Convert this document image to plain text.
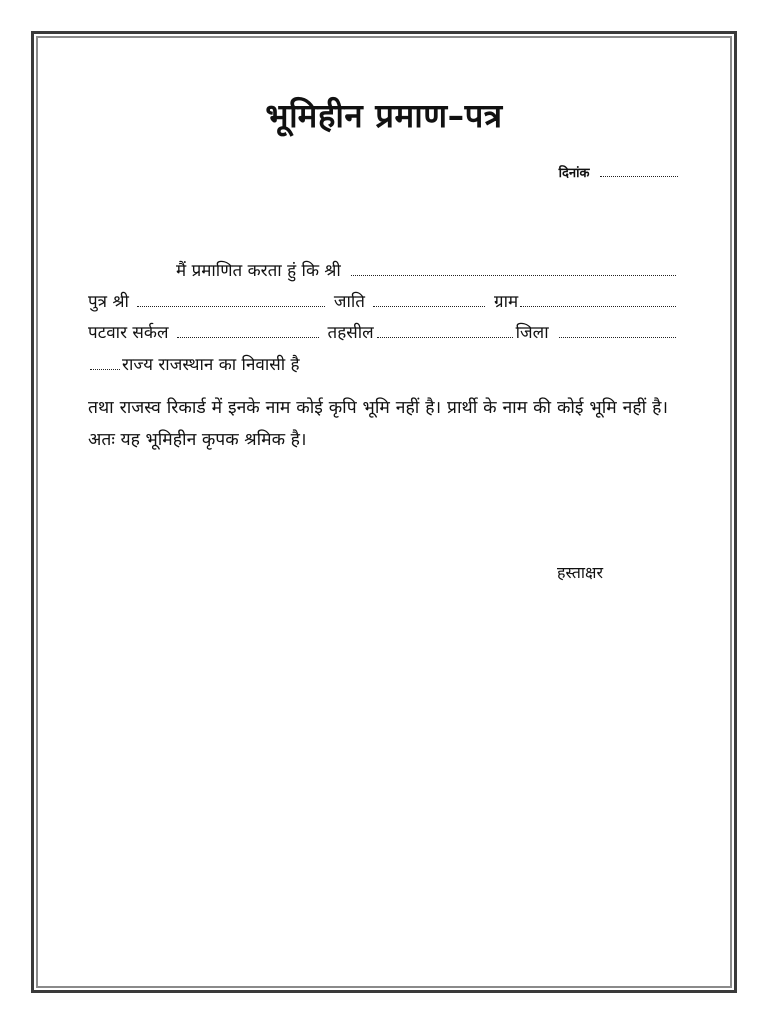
भूमिहीन प्रमाण–पत्र
दिनांक
मैं प्रमाणित करता हुं कि श्री
पुत्र श्री	जाति	ग्राम
पटवार सर्कल	तहसील	जिला
राज्य राजस्थान का निवासी है
तथा राजस्व रिकार्ड में इनके नाम कोई कृपि भूमि नहीं है। प्रार्थी के नाम की कोई भूमि नहीं है। अतः यह भूमिहीन कृपक श्रमिक है।
हस्ताक्षर
